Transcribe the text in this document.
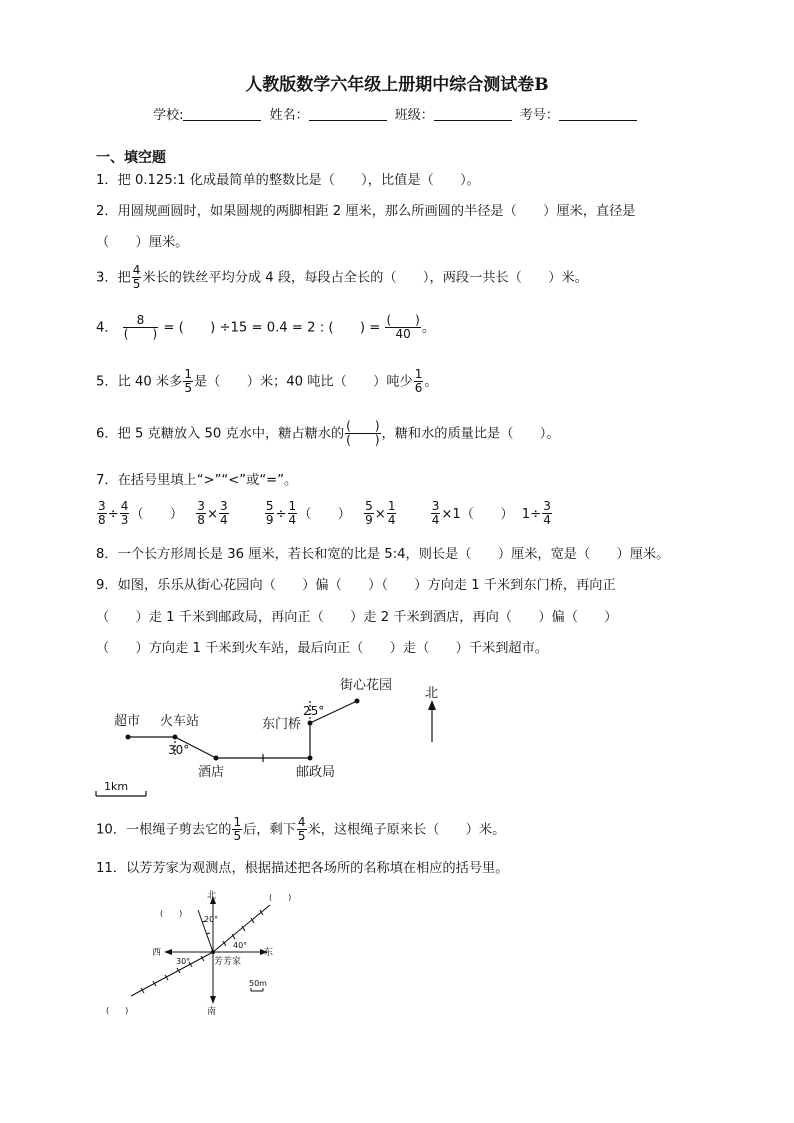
人教版数学六年级上册期中综合测试卷B
学校:	姓名：	班级：	考号：
一、填空题
1．把 0.125:1 化成最简单的整数比是（　　），比值是（　　）。
2．用圆规画圆时，如果圆规的两脚相距 2 厘米，那么所画圆的半径是（　　）厘米，直径是
（　　）厘米。
3．把 $\frac{4}{5}$ 米长的铁丝平均分成 4 段，每段占全长的（　　），两段一共长（　　）米。
4． $\frac{8}{( )}$ = (　　) ÷15 = 0.4 = 2 : (　　) = $\frac{( )}{40}$ 。
5．比 40 米多 $\frac{1}{5}$ 是（　　）米；40 吨比（　　）吨少 $\frac{1}{6}$ 。
6．把 5 克糖放入 50 克水中，糖占糖水的 $\frac{( )}{( )}$ ，糖和水的质量比是（　　）。
7．在括号里填上“>”“<”或“=”。
$\frac{3}{8} \div \frac{4}{3}$ （　　） $\frac{3}{8} \times \frac{3}{4}$
	$\frac{5}{9} \div \frac{1}{4}$ （　　） $\frac{5}{9} \times \frac{1}{4}$
	$\frac{3}{4} \times 1$（　　） $1\div \frac{3}{4}$
8．一个长方形周长是 36 厘米，若长和宽的比是 5:4，则长是（　　）厘米，宽是（　　）厘米。
9．如图，乐乐从街心花园向（　　）偏（　　）（　　）方向走 1 千米到东门桥，再向正
（　　）走 1 千米到邮政局，再向正（　　）走 2 千米到酒店，再向（　　）偏（　　）
（　　）方向走 1 千米到火车站，最后向正（　　）走（　　）千米到超市。
超市 火车站
酒店
东门桥
邮政局
街心花园
北
30°
25°
1km
10．一根绳子剪去它的 $\frac{1}{5}$ 后，剩下 $\frac{4}{5}$ 米，这根绳子原来长（　　）米。
11．以芳芳家为观测点，根据描述把各场所的名称填在相应的括号里。
北
南
西	东
芳芳家
20°
40°
30°
(　　)
(　　)
(　　)
50m
